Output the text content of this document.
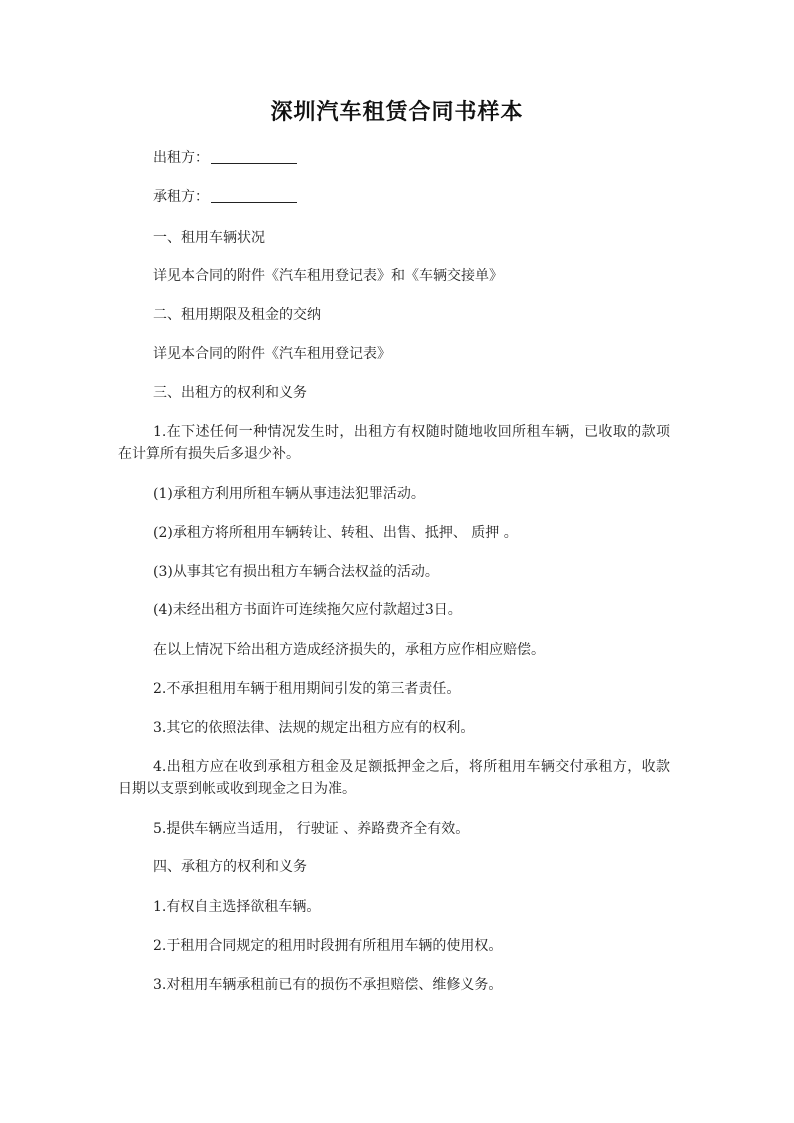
深圳汽车租赁合同书样本
出租方：
承租方：
一、租用车辆状况
详见本合同的附件《汽车租用登记表》和《车辆交接单》
二、租用期限及租金的交纳
详见本合同的附件《汽车租用登记表》
三、出租方的权利和义务
1.在下述任何一种情况发生时，出租方有权随时随地收回所租车辆，已收取的款项在计算所有损失后多退少补。
(1)承租方利用所租车辆从事违法犯罪活动。
(2)承租方将所租用车辆转让、转租、出售、抵押、 质押 。
(3)从事其它有损出租方车辆合法权益的活动。
(4)未经出租方书面许可连续拖欠应付款超过3日。
在以上情况下给出租方造成经济损失的，承租方应作相应赔偿。
2.不承担租用车辆于租用期间引发的第三者责任。
3.其它的依照法律、法规的规定出租方应有的权利。
4.出租方应在收到承租方租金及足额抵押金之后，将所租用车辆交付承租方，收款日期以支票到帐或收到现金之日为准。
5.提供车辆应当适用， 行驶证 、养路费齐全有效。
四、承租方的权利和义务
1.有权自主选择欲租车辆。
2.于租用合同规定的租用时段拥有所租用车辆的使用权。
3.对租用车辆承租前已有的损伤不承担赔偿、维修义务。
